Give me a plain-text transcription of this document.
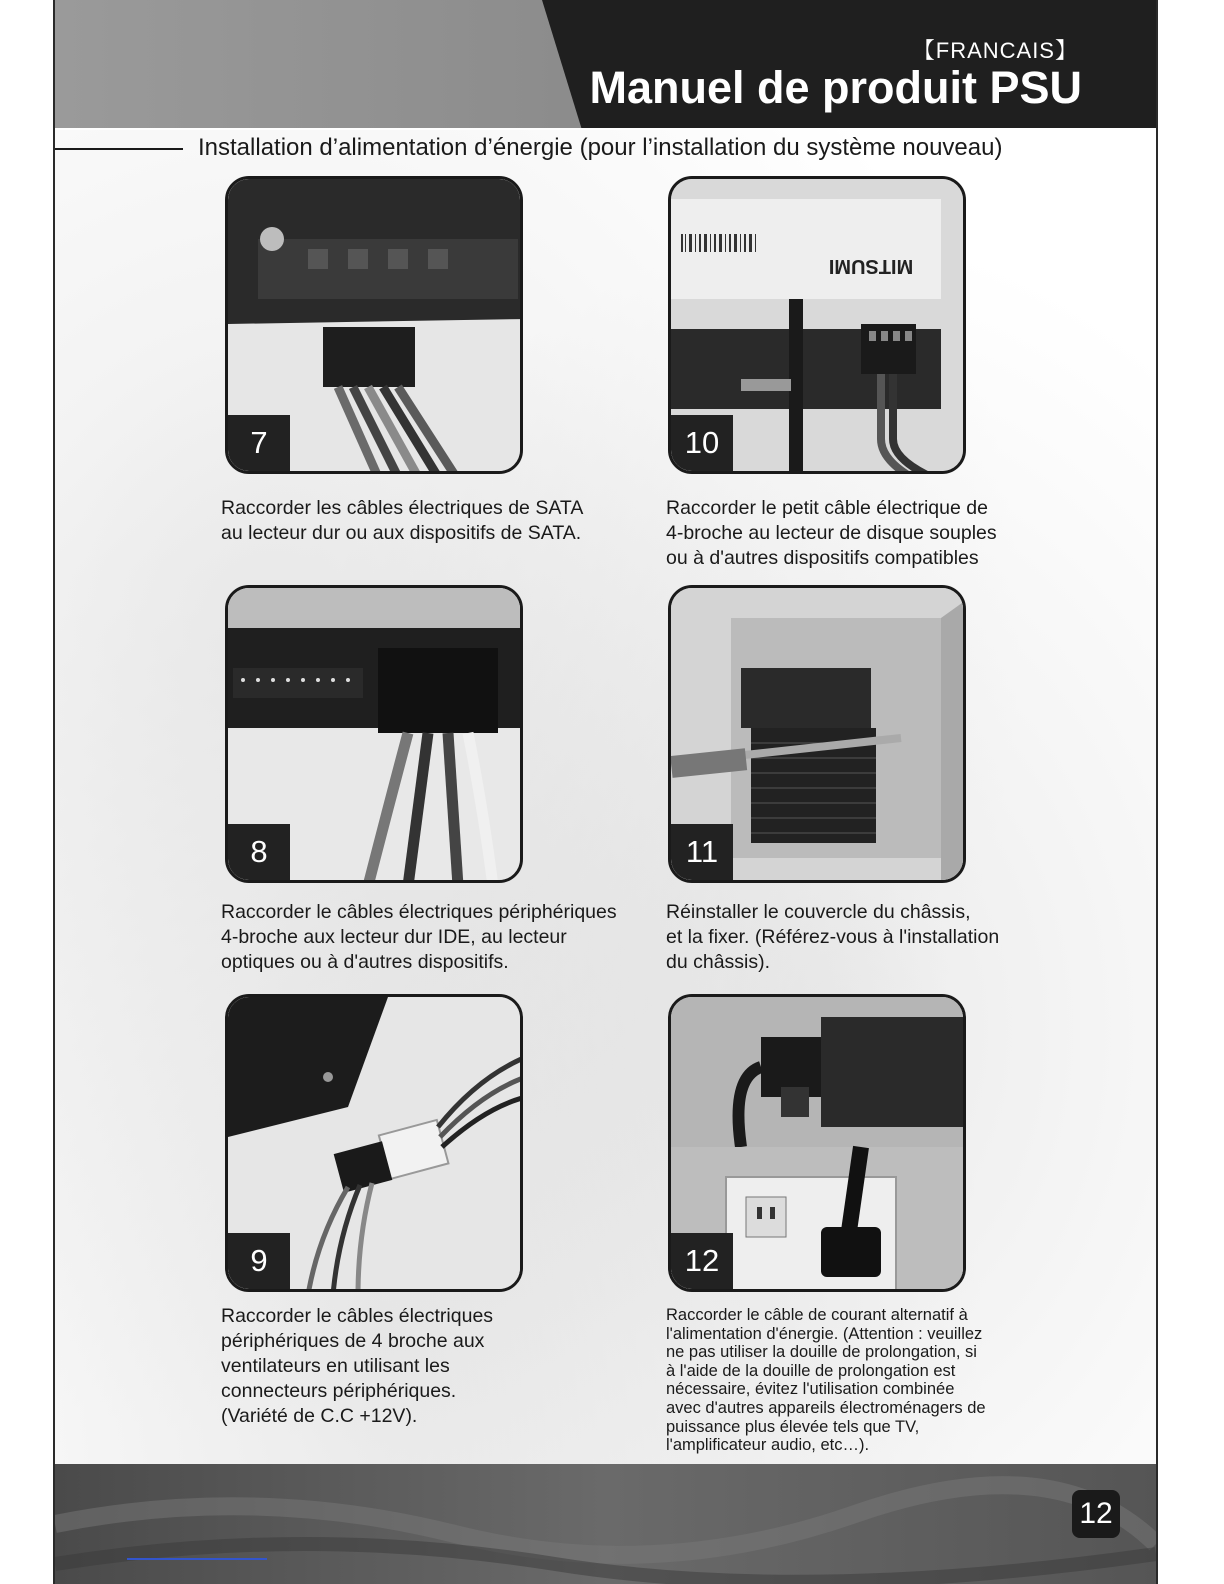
【FRANCAIS】
Manuel de produit PSU
Installation d’alimentation d’énergie (pour l’installation du système nouveau)
7
Raccorder les câbles électriques de SATA
au lecteur dur ou aux dispositifs de SATA.
MITSUMI
10
Raccorder le petit câble électrique de
4-broche au lecteur de disque souples
ou à d'autres dispositifs compatibles
8
Raccorder le câbles électriques périphériques
4-broche aux lecteur dur IDE, au lecteur
optiques ou à d'autres dispositifs.
11
Réinstaller le couvercle du châssis,
et la fixer. (Référez-vous à l'installation
du châssis).
9
Raccorder le câbles électriques
périphériques de 4 broche aux
ventilateurs en utilisant les
connecteurs périphériques.
(Variété de C.C +12V).
12
Raccorder le câble de courant alternatif à
l'alimentation d'énergie. (Attention : veuillez
ne pas utiliser la douille de prolongation, si
à l'aide de la douille de prolongation est
nécessaire, évitez l'utilisation combinée
avec d'autres appareils électroménagers de
puissance plus élevée tels que TV,
l'amplificateur audio, etc…).
12
